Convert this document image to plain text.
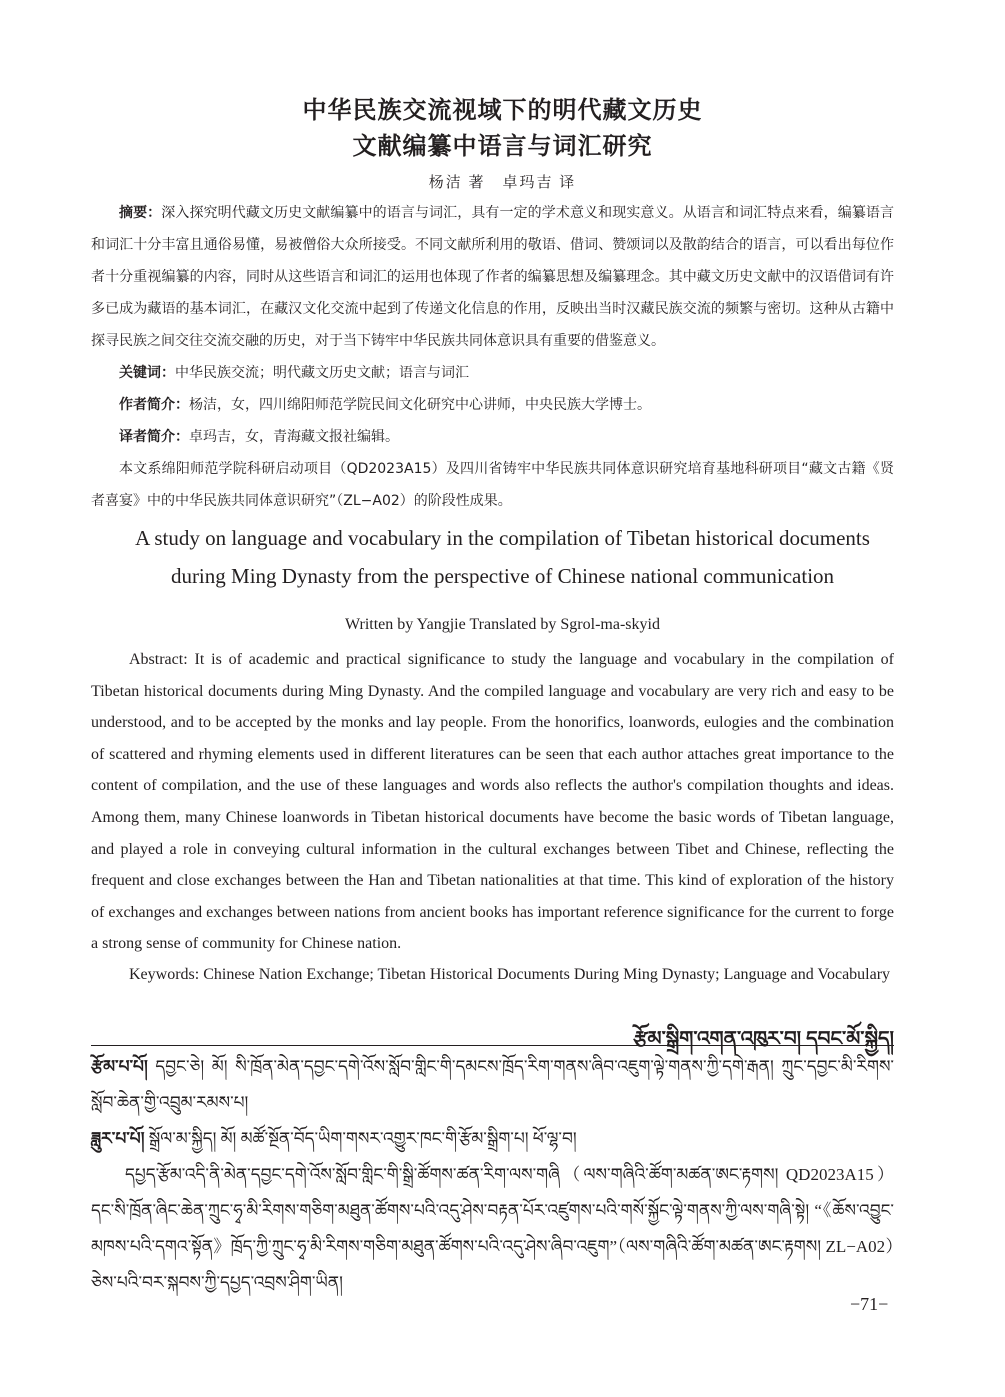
中华民族交流视域下的明代藏文历史
文献编纂中语言与词汇研究
杨洁 著　卓玛吉 译
摘要：深入探究明代藏文历史文献编纂中的语言与词汇，具有一定的学术意义和现实意义。从语言和词汇特点来看，编纂语言和词汇十分丰富且通俗易懂，易被僧俗大众所接受。不同文献所利用的敬语、借词、赞颂词以及散韵结合的语言，可以看出每位作者十分重视编纂的内容，同时从这些语言和词汇的运用也体现了作者的编纂思想及编纂理念。其中藏文历史文献中的汉语借词有许多已成为藏语的基本词汇，在藏汉文化交流中起到了传递文化信息的作用，反映出当时汉藏民族交流的频繁与密切。这种从古籍中探寻民族之间交往交流交融的历史，对于当下铸牢中华民族共同体意识具有重要的借鉴意义。
关键词：中华民族交流；明代藏文历史文献；语言与词汇
作者简介：杨洁，女，四川绵阳师范学院民间文化研究中心讲师，中央民族大学博士。
译者简介：卓玛吉，女，青海藏文报社编辑。
本文系绵阳师范学院科研启动项目（QD2023A15）及四川省铸牢中华民族共同体意识研究培育基地科研项目“藏文古籍《贤者喜宴》中的中华民族共同体意识研究”（ZL−A02）的阶段性成果。
A study on language and vocabulary in the compilation of Tibetan historical documents
during Ming Dynasty from the perspective of Chinese national communication
Written by Yangjie Translated by Sgrol-ma-skyid
Abstract: It is of academic and practical significance to study the language and vocabulary in the compilation of Tibetan historical documents during Ming Dynasty. And the compiled language and vocabulary are very rich and easy to be understood, and to be accepted by the monks and lay people. From the honorifics, loanwords, eulogies and the combination of scattered and rhyming elements used in different literatures can be seen that each author attaches great importance to the content of compilation, and the use of these languages and words also reflects the author's compilation thoughts and ideas. Among them, many Chinese loanwords in Tibetan historical documents have become the basic words of Tibetan language, and played a role in conveying cultural information in the cultural exchanges between Tibet and Chinese, reflecting the frequent and close exchanges between the Han and Tibetan nationalities at that time. This kind of exploration of the history of exchanges and exchanges between nations from ancient books has important reference significance for the current to forge a strong sense of community for Chinese nation.
Keywords: Chinese Nation Exchange; Tibetan Historical Documents During Ming Dynasty; Language and Vocabulary
རྩོམ་སྒྲིག་འགན་འཁུར་བ། དབང་མོ་སྐྱིད།
རྩོམ་པ་པོ། དབྱང་ཅེ། མོ། སི་ཁྲོན་མེན་དབྱང་དགེ་འོས་སློབ་གླིང་གི་དམངས་ཁྲོད་རིག་གནས་ཞིབ་འཇུག་ལྟེ་གནས་ཀྱི་དགེ་རྒན། ཀྲུང་དབྱང་མི་རིགས་སློབ་ཆེན་གྱི་འབྲུམ་རམས་པ།
ཟླུར་པ་པོ། སྒྲོལ་མ་སྐྱིད། མོ། མཚོ་སྔོན་བོད་ཡིག་གསར་འགྱུར་ཁང་གི་རྩོམ་སྒྲིག་པ། ཕོ་ལྷ་བ།
དཔྱད་རྩོམ་འདི་ནི་མེན་དབྱང་དགེ་འོས་སློབ་གླིང་གི་སྒྲི་ཚོགས་ཚན་རིག་ལས་གཞི（ལས་གཞིའི་ཚོག་མཚན་ཨང་རྟགས། QD2023A15）དང་སི་ཁྲོན་ཞིང་ཆེན་ཀྲུང་ཧྭ་མི་རིགས་གཅིག་མཐུན་ཚོགས་པའི་འདུ་ཤེས་བརྟན་པོར་འཛུགས་པའི་གསོ་སྐྱོང་ལྟེ་གནས་ཀྱི་ལས་གཞི་སྟེ། “《ཆོས་འབྱུང་མཁས་པའི་དགའ་སྟོན》ཁྲོད་ཀྱི་ཀྲུང་ཧྭ་མི་རིགས་གཅིག་མཐུན་ཚོགས་པའི་འདུ་ཤེས་ཞིབ་འཇུག”（ལས་གཞིའི་ཚོག་མཚན་ཨང་རྟགས། ZL−A02）ཅེས་པའི་བར་སྐབས་ཀྱི་དཔྱད་འབྲས་ཤིག་ཡིན།
−71−
